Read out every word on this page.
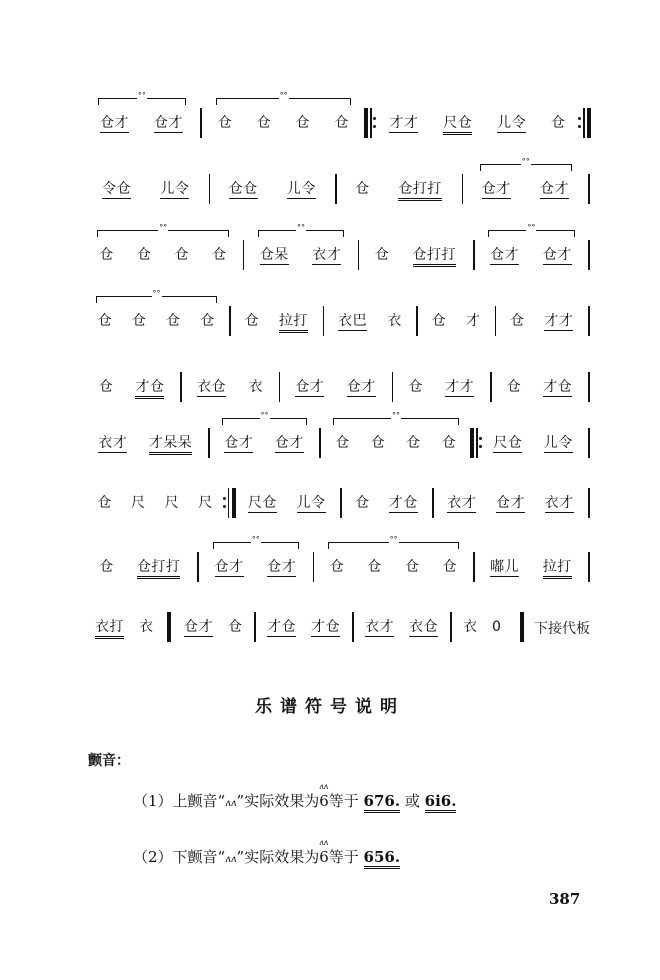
仓才 仓才 仓 仓 仓 仓	才才 尺仓 儿令 仓
°°	°°
令仓 儿令	仓仓 儿令	仓 仓打打	仓才 仓才
°°
仓 仓 仓 仓 仓呆 衣才 仓 仓打打 仓才 仓才
°°	°°	°°
仓 仓 仓 仓 仓 拉打 衣巴 衣 仓 才 仓 才才
°°
仓 才仓 衣仓 衣 仓才 仓才 仓 才才 仓 才仓
衣才 才呆呆 仓才 仓才 仓 仓 仓 仓	尺仓 儿令
°°	°°
仓 尺 尺 尺	尺仓 儿令 仓 才仓 衣才 仓才 衣才
仓 仓打打 仓才 仓才 仓 仓 仓 仓 嘟儿 拉打
°°	°°
衣打 衣 仓才 仓 才仓 才仓 衣才 衣仓 衣 0 下接代板
乐谱符号说明
颤音：
（1）上颤音“ʌʌ”实际效果为
ʌʌ
6等于 676. 或 6i6.
（2）下颤音“ʌʌ”实际效果为
ʌʌ
6等于 656.
387
